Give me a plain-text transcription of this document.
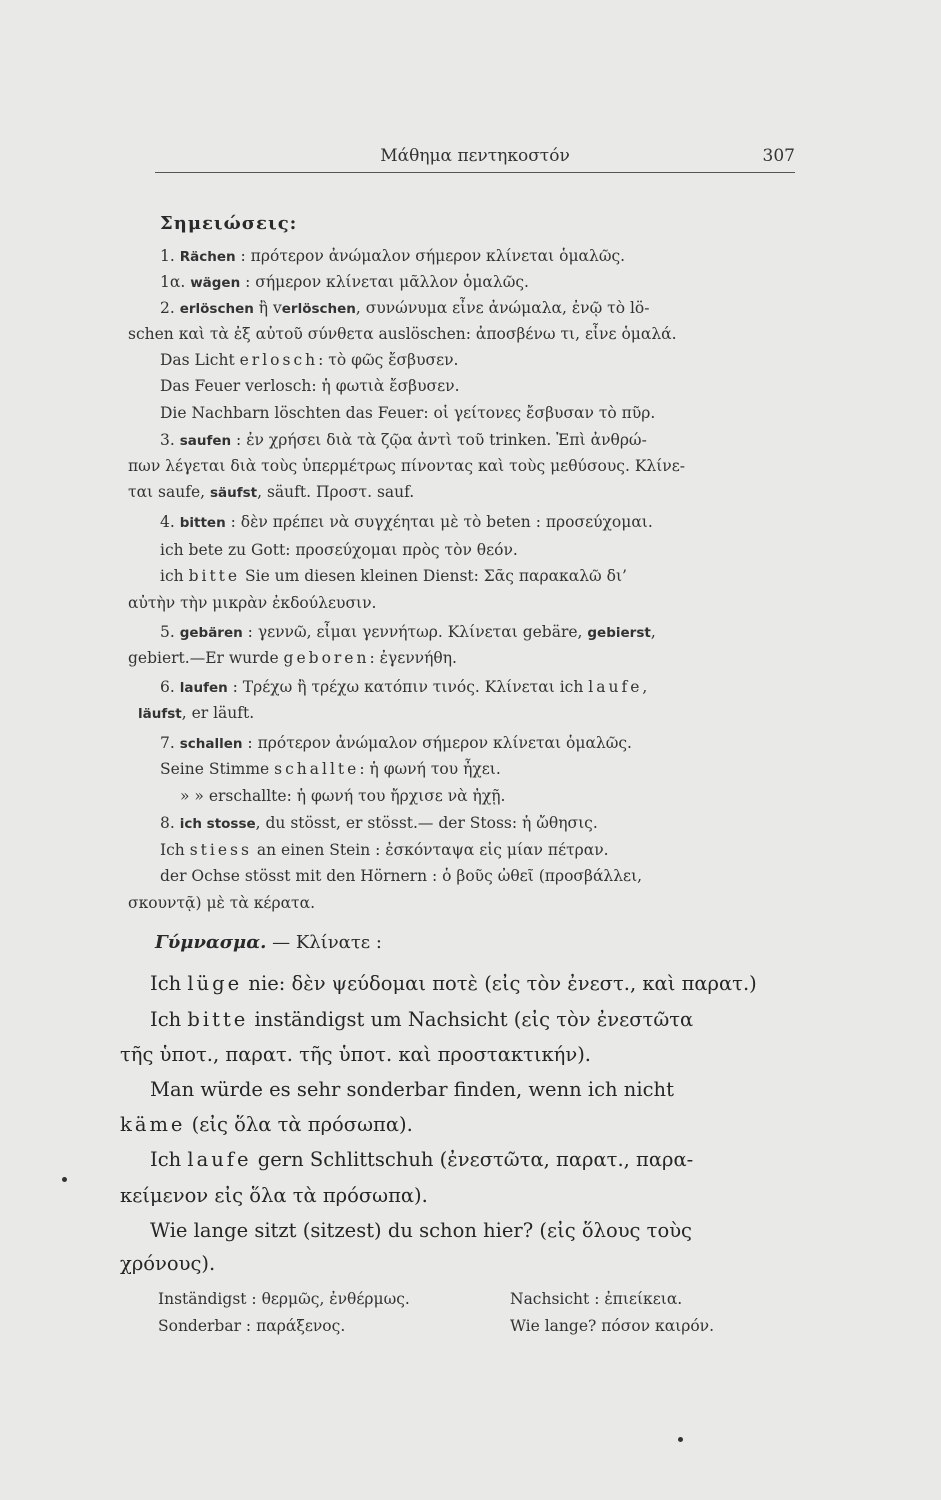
Μάθημα πεντηκοστόν	307
Σημειώσεις:
1. Rächen : πρότερον ἀνώμαλον σήμερον κλίνεται ὁμαλῶς.
1α. wägen : σήμερον κλίνεται μᾶλλον ὁμαλῶς.
2. erlöschen ἢ verlöschen, συνώνυμα εἶνε ἀνώμαλα, ἐνῷ τὸ lö-
schen καὶ τὰ ἐξ αὐτοῦ σύνθετα auslöschen: ἀποσβένω τι, εἶνε ὁμαλά.
Das Licht erlosch: τὸ φῶς ἔσβυσεν.
Das Feuer verlosch: ἡ φωτιὰ ἔσβυσεν.
Die Nachbarn löschten das Feuer: οἱ γείτονες ἔσβυσαν τὸ πῦρ.
3. saufen : ἐν χρήσει διὰ τὰ ζῷα ἀντὶ τοῦ trinken. Ἐπὶ ἀνθρώ-
πων λέγεται διὰ τοὺς ὑπερμέτρως πίνοντας καὶ τοὺς μεθύσους. Κλίνε-
ται saufe, säufst, säuft. Προστ. sauf.
4. bitten : δὲν πρέπει νὰ συγχέηται μὲ τὸ beten : προσεύχομαι.
ich bete zu Gott: προσεύχομαι πρὸς τὸν θεόν.
ich bitte Sie um diesen kleinen Dienst: Σᾶς παρακαλῶ δι’
αὐτὴν τὴν μικρὰν ἐκδούλευσιν.
5. gebären : γεννῶ, εἶμαι γεννήτωρ. Κλίνεται gebäre, gebierst,
gebiert.—Er wurde geboren: ἐγεννήθη.
6. laufen : Τρέχω ἢ τρέχω κατόπιν τινός. Κλίνεται ich laufe,
läufst, er läuft.
7. schallen : πρότερον ἀνώμαλον σήμερον κλίνεται ὁμαλῶς.
Seine Stimme schallte: ἡ φωνή του ἦχει.
» » erschallte: ἡ φωνή του ἤρχισε νὰ ἠχῇ.
8. ich stosse, du stösst, er stösst.— der Stoss: ἡ ὤθησις.
Ich stiess an einen Stein : ἐσκόνταψα εἰς μίαν πέτραν.
der Ochse stösst mit den Hörnern : ὁ βοῦς ὠθεῖ (προσβάλλει,
σκουντᾷ) μὲ τὰ κέρατα.
Γύμνασμα. — Κλίνατε :
Ich lüge nie: δὲν ψεύδομαι ποτὲ (εἰς τὸν ἐνεστ., καὶ παρατ.)
Ich bitte inständigst um Nachsicht (εἰς τὸν ἐνεστῶτα
τῆς ὑποτ., παρατ. τῆς ὑποτ. καὶ προστακτικήν).
Man würde es sehr sonderbar finden, wenn ich nicht
käme (εἰς ὅλα τὰ πρόσωπα).
Ich laufe gern Schlittschuh (ἐνεστῶτα, παρατ., παρα-
κείμενον εἰς ὅλα τὰ πρόσωπα).
Wie lange sitzt (sitzest) du schon hier? (εἰς ὅλους τοὺς
χρόνους).
Inständigst : θερμῶς, ἐνθέρμως.	Nachsicht : ἐπιείκεια.
Sonderbar : παράξενος.	Wie lange? πόσον καιρόν.
